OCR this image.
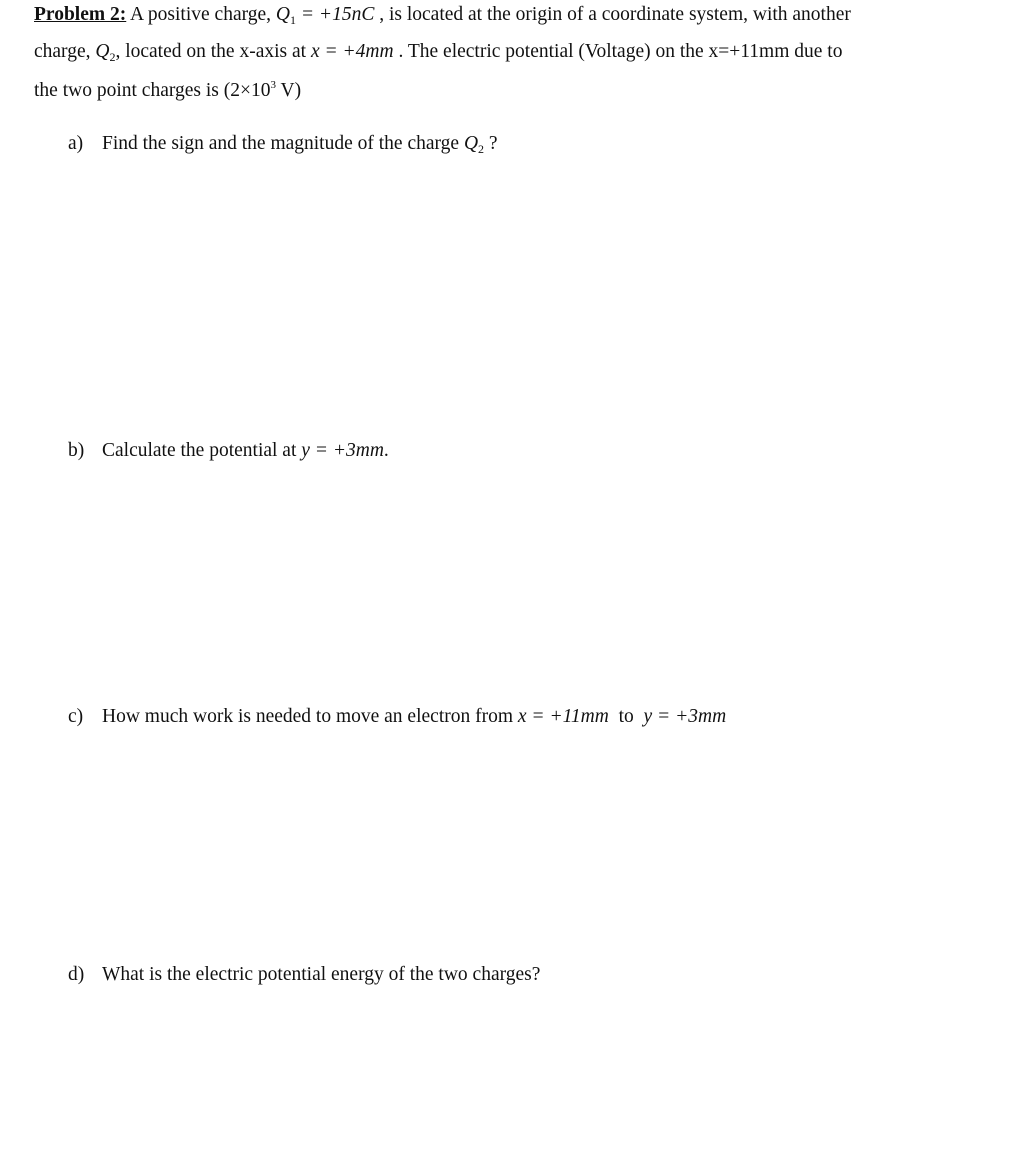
Problem 2: A positive charge, $Q_1 = +15nC$ , is located at the origin of a coordinate system, with another
charge, $Q_2$, located on the x-axis at x = +4mm . The electric potential (Voltage) on the x=+11mm due to
the two point charges is ($2\times 10^3$ V)
a) Find the sign and the magnitude of the charge $Q_2$ ?
b) Calculate the potential at y = +3mm.
c) How much work is needed to move an electron from x = +11mm  to  y = +3mm
d) What is the electric potential energy of the two charges?
